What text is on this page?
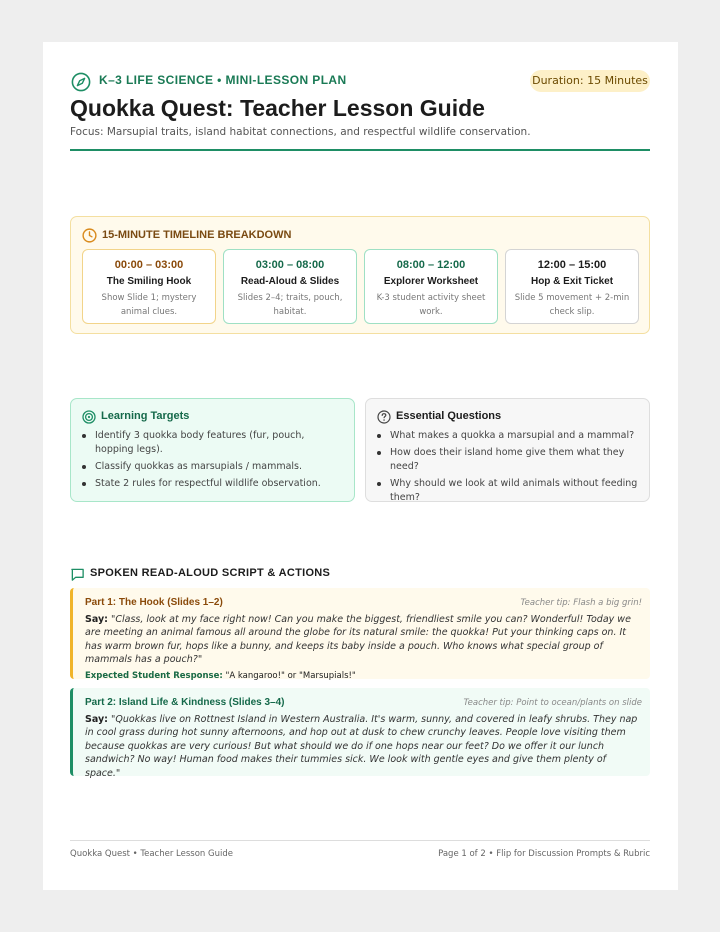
K–3 LIFE SCIENCE • MINI-LESSON PLAN	Duration: 15 Minutes
Quokka Quest: Teacher Lesson Guide
Focus: Marsupial traits, island habitat connections, and respectful wildlife conservation.
15-MINUTE TIMELINE BREAKDOWN
00:00 – 03:00
The Smiling Hook
Show Slide 1; mystery animal clues.
03:00 – 08:00
Read-Aloud & Slides
Slides 2–4; traits, pouch, habitat.
08:00 – 12:00
Explorer Worksheet
K-3 student activity sheet work.
12:00 – 15:00
Hop & Exit Ticket
Slide 5 movement + 2-min check slip.
Learning Targets
Identify 3 quokka body features (fur, pouch, hopping legs).
Classify quokkas as marsupials / mammals.
State 2 rules for respectful wildlife observation.
Essential Questions
What makes a quokka a marsupial and a mammal?
How does their island home give them what they need?
Why should we look at wild animals without feeding them?
SPOKEN READ-ALOUD SCRIPT & ACTIONS
Part 1: The Hook (Slides 1–2)	Teacher tip: Flash a big grin!
Say: "Class, look at my face right now! Can you make the biggest, friendliest smile you can? Wonderful! Today we are meeting an animal famous all around the globe for its natural smile: the quokka! Put your thinking caps on. It has warm brown fur, hops like a bunny, and keeps its baby inside a pouch. Who knows what special group of mammals has a pouch?"
Expected Student Response: "A kangaroo!" or "Marsupials!"
Part 2: Island Life & Kindness (Slides 3–4)	Teacher tip: Point to ocean/plants on slide
Say: "Quokkas live on Rottnest Island in Western Australia. It's warm, sunny, and covered in leafy shrubs. They nap in cool grass during hot sunny afternoons, and hop out at dusk to chew crunchy leaves. People love visiting them because quokkas are very curious! But what should we do if one hops near our feet? Do we offer it our lunch sandwich? No way! Human food makes their tummies sick. We look with gentle eyes and give them plenty of space."
Quokka Quest • Teacher Lesson Guide	Page 1 of 2 • Flip for Discussion Prompts & Rubric
